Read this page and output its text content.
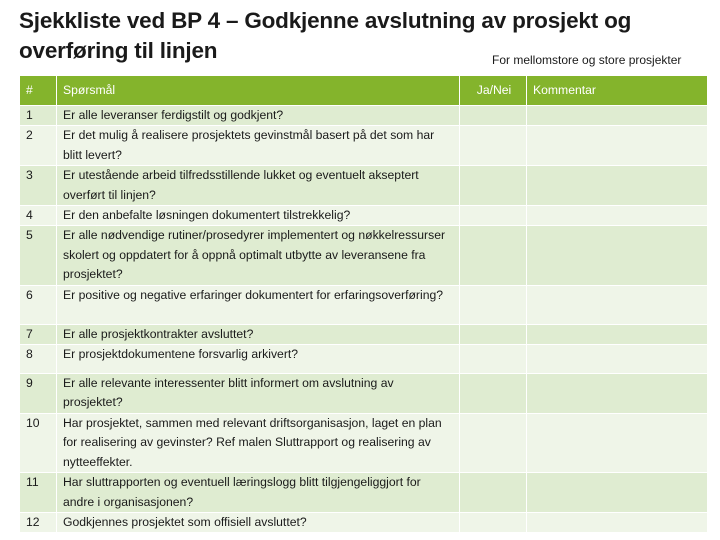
Sjekkliste ved BP 4 – Godkjenne avslutning av prosjekt og
overføring til linjen	For mellomstore og store prosjekter
#	Spørsmål	Ja/Nei	Kommentar
1	Er alle leveranser ferdigstilt og godkjent?		
2	Er det mulig å realisere prosjektets gevinstmål basert på det som har blitt levert?		
3	Er utestående arbeid tilfredsstillende lukket og eventuelt akseptert overført til linjen?		
4	Er den anbefalte løsningen dokumentert tilstrekkelig?		
5	Er alle nødvendige rutiner/prosedyrer implementert og nøkkelressurser skolert og oppdatert for å oppnå optimalt utbytte av leveransene fra prosjektet?		
6	Er positive og negative erfaringer dokumentert for erfaringsoverføring?		
7	Er alle prosjektkontrakter avsluttet?		
8	Er prosjektdokumentene forsvarlig arkivert?		
9	Er alle relevante interessenter blitt informert om avslutning av prosjektet?		
10	Har prosjektet, sammen med relevant driftsorganisasjon, laget en plan for realisering av gevinster? Ref malen Sluttrapport og realisering av nytteeffekter.		
11	Har sluttrapporten og eventuell læringslogg blitt tilgjengeliggjort for andre i organisasjonen?		
12	Godkjennes prosjektet som offisiell avsluttet?		
